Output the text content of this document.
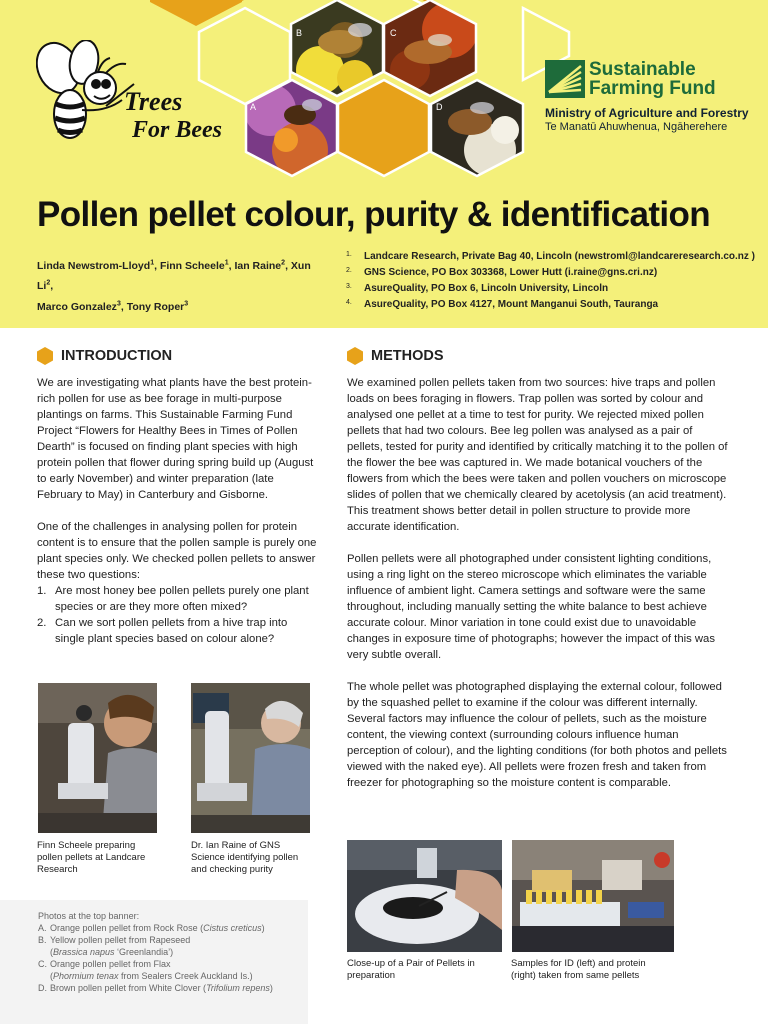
A
B	C
D
Trees
For Bees
Sustainable
Farming Fund
Ministry of Agriculture and Forestry
Te Manatū Ahuwhenua, Ngāherehere
Pollen pellet colour, purity & identification
Linda Newstrom-Lloyd$^1$, Finn Scheele$^1$, Ian Raine$^2$, Xun Li$^2$,
Marco Gonzalez$^3$, Tony Roper$^3$
1. Landcare Research, Private Bag 40, Lincoln (newstroml@landcareresearch.co.nz )
2. GNS Science, PO Box 303368, Lower Hutt (i.raine@gns.cri.nz)
3. AsureQuality, PO Box 6, Lincoln University, Lincoln
4. AsureQuality, PO Box 4127, Mount Manganui South, Tauranga
INTRODUCTION

We are investigating what plants have the best protein-rich pollen for use as bee forage in multi-purpose plantings on farms. This Sustainable Farming Fund Project “Flowers for Healthy Bees in Times of Pollen Dearth” is focused on finding plant species with high protein pollen that flower during spring build up (August to early November) and winter preparation (late February to May) in Canterbury and Gisborne.

One of the challenges in analysing pollen for protein content is to ensure that the pollen sample is purely one plant species only. We checked pollen pellets to answer these two questions:

1. Are most honey bee pollen pellets purely one plant species or are they more often mixed?
2. Can we sort pollen pellets from a hive trap into single plant species based on colour alone?
Finn Scheele preparing pollen pellets at Landcare Research
Dr. Ian Raine of GNS Science identifying pollen and checking purity
Photos at the top banner:
A. Orange pollen pellet from Rock Rose (Cistus creticus)
B. Yellow pollen pellet from Rapeseed
(Brassica napus ‘Greenlandia’)
C. Orange pollen pellet from Flax
(Phormium tenax from Sealers Creek Auckland Is.)
D. Brown pollen pellet from White Clover (Trifolium repens)
METHODS

We examined pollen pellets taken from two sources: hive traps and pollen loads on bees foraging in flowers. Trap pollen was sorted by colour and analysed one pellet at a time to test for purity. We rejected mixed pollen pellets that had two colours. Bee leg pollen was analysed as a pair of pellets, tested for purity and identified by critically matching it to the pollen of the flower the bee was captured in. We made botanical vouchers of the flowers from which the bees were taken and pollen vouchers on microscope slides of pollen that we chemically cleared by acetolysis (an acid treatment). This treatment shows better detail in pollen structure to provide more accurate identification.

Pollen pellets were all photographed under consistent lighting conditions, using a ring light on the stereo microscope which eliminates the variable influence of ambient light. Camera settings and software were the same throughout, including manually setting the white balance to best achieve accurate colour. Minor variation in tone could exist due to unavoidable changes in exposure time of photographs; however the impact of this was very subtle overall.

The whole pellet was photographed displaying the external colour, followed by the squashed pellet to examine if the colour was different internally. Several factors may influence the colour of pellets, such as the moisture content, the viewing context (surrounding colours influence human perception of colour), and the lighting conditions (for both photos and pellets viewed with the naked eye). All pellets were frozen fresh and taken from freezer for photographing so the moisture content is comparable.

Close-up of a Pair of Pellets in preparation
Samples for ID (left) and protein (right) taken from same pellets
